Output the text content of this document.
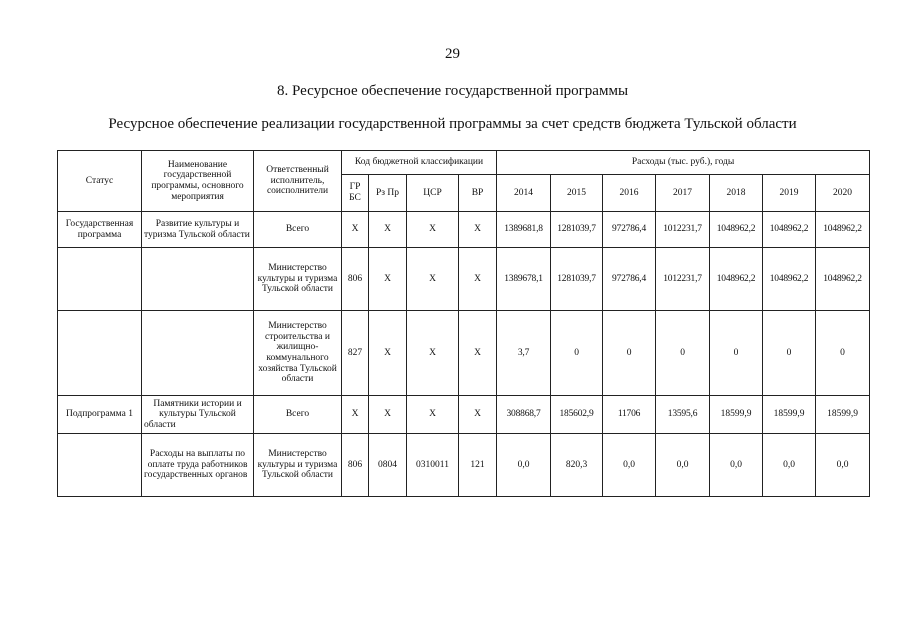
29
8. Ресурсное обеспечение государственной программы
Ресурсное обеспечение реализации государственной программы за счет средств бюджета Тульской области
Статус	Наименование государственной программы, основного мероприятия	Ответственный исполнитель, соисполнители	Код бюджетной классификации				Расходы (тыс. руб.), годы						
			ГР БС	Рз Пр	ЦСР	ВР	2014	2015	2016	2017	2018	2019	2020
Государственная программа	Развитие культуры и туризма Тульской области	Всего	Х	Х	Х	Х	1389681,8	1281039,7	972786,4	1012231,7	1048962,2	1048962,2	1048962,2
		Министерство культуры и туризма Тульской области	806	Х	Х	Х	1389678,1	1281039,7	972786,4	1012231,7	1048962,2	1048962,2	1048962,2
		Министерство строительства и жилищно-коммунального хозяйства Тульской области	827	Х	Х	Х	3,7	0	0	0	0	0	0
Подпрограмма 1	Памятники истории и культуры Тульской области	Всего	Х	Х	Х	Х	308868,7	185602,9	11706	13595,6	18599,9	18599,9	18599,9
	Расходы на выплаты по оплате труда работников государственных органов	Министерство культуры и туризма Тульской области	806	0804	0310011	121	0,0	820,3	0,0	0,0	0,0	0,0	0,0
